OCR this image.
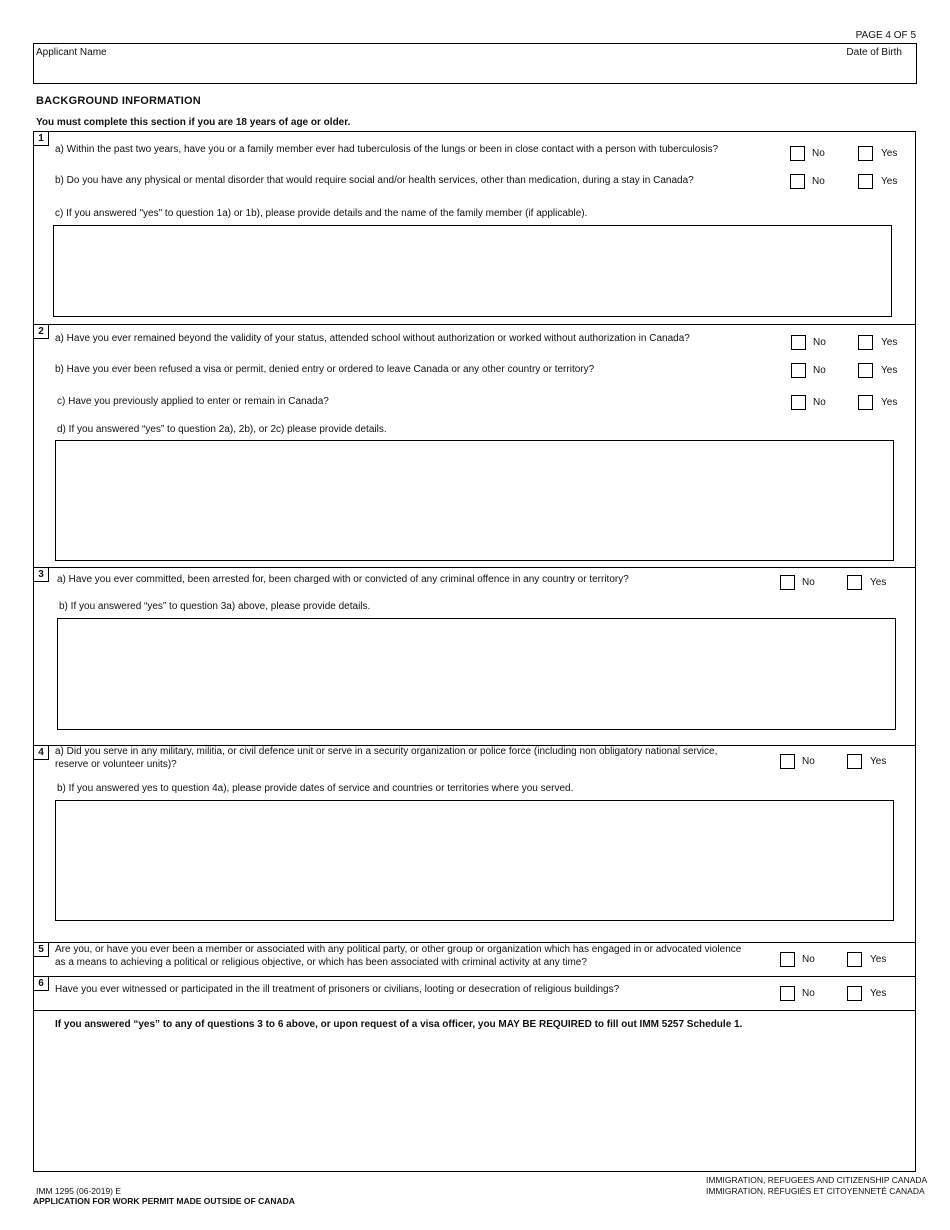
PAGE 4 OF 5
Applicant Name	Date of Birth
BACKGROUND INFORMATION
You must complete this section if you are 18 years of age or older.
1
a) Within the past two years, have you or a family member ever had tuberculosis of the lungs or been in close contact with a person with tuberculosis?	No	Yes
b) Do you have any physical or mental disorder that would require social and/or health services, other than medication, during a stay in Canada?	No	Yes
c) If you answered "yes" to question 1a) or 1b), please provide details and the name of the family member (if applicable).
2
a) Have you ever remained beyond the validity of your status, attended school without authorization or worked without authorization in Canada?	No	Yes
b) Have you ever been refused a visa or permit, denied entry or ordered to leave Canada or any other country or territory?	No	Yes
c) Have you previously applied to enter or remain in Canada?	No	Yes
d) If you answered “yes” to question 2a), 2b), or 2c) please provide details.
3	a) Have you ever committed, been arrested for, been charged with or convicted of any criminal offence in any country or territory?	No	Yes
b) If you answered “yes” to question 3a) above, please provide details.
4	a) Did you serve in any military, militia, or civil defence unit or serve in a security organization or police force (including non obligatory national service,
reserve or volunteer units)?	No	Yes
b) If you answered yes to question 4a), please provide dates of service and countries or territories where you served.
5	Are you, or have you ever been a member or associated with any political party, or other group or organization which has engaged in or advocated violence
as a means to achieving a political or religious objective, or which has been associated with criminal activity at any time?	No	Yes
6
Have you ever witnessed or participated in the ill treatment of prisoners or civilians, looting or desecration of religious buildings?	No	Yes
If you answered “yes” to any of questions 3 to 6 above, or upon request of a visa officer, you MAY BE REQUIRED to fill out IMM 5257 Schedule 1.
IMM 1295 (06-2019) E
APPLICATION FOR WORK PERMIT MADE OUTSIDE OF CANADA
IMMIGRATION, REFUGEES AND CITIZENSHIP CANADA
IMMIGRATION, RÉFUGIÉS ET CITOYENNETÉ CANADA
